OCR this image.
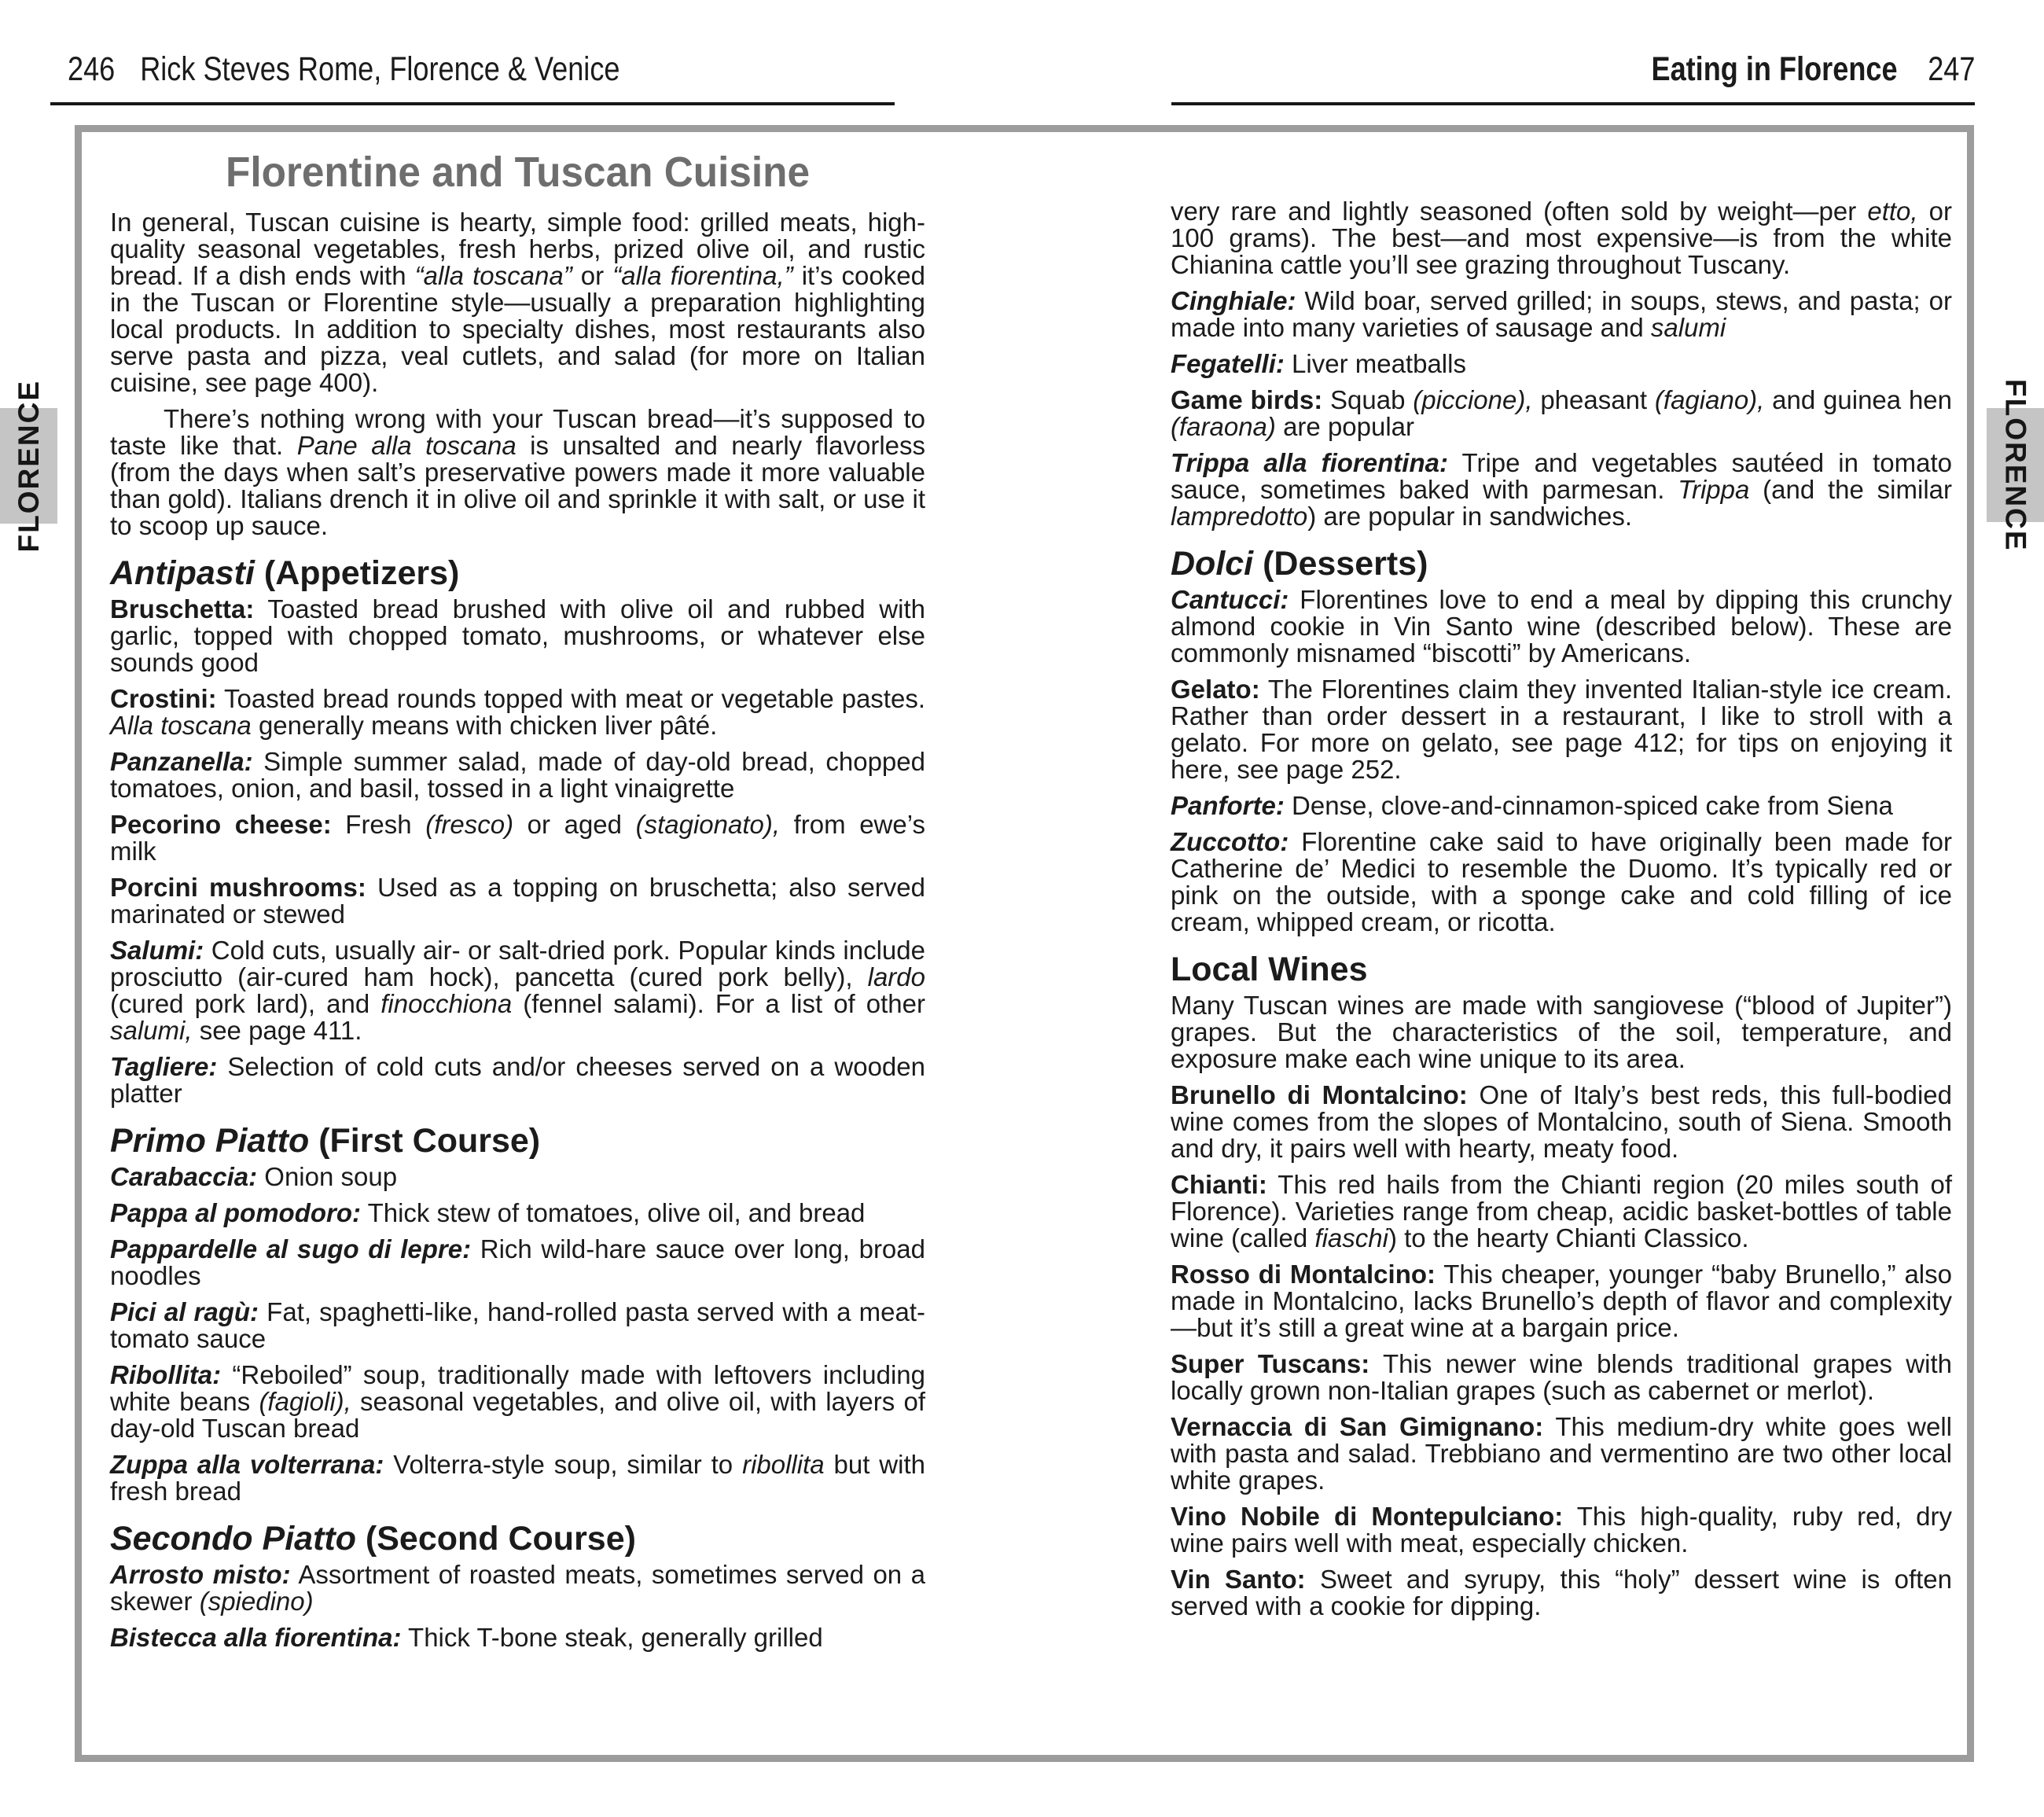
246 Rick Steves Rome, Florence & Venice	Eating in Florence 247
FLORENCE	FLORENCE
Florentine and Tuscan Cuisine
In general, Tuscan cuisine is hearty, simple food: grilled meats, high-quality seasonal vegetables, fresh herbs, prized olive oil, and rustic bread. If a dish ends with “alla toscana” or “alla fiorentina,” it’s cooked in the Tuscan or Florentine style—usually a preparation highlighting local products. In addition to specialty dishes, most restaurants also serve pasta and pizza, veal cutlets, and salad (for more on Italian cuisine, see page 400).
There’s nothing wrong with your Tuscan bread—it’s supposed to taste like that. Pane alla toscana is unsalted and nearly flavorless (from the days when salt’s preservative powers made it more valuable than gold). Italians drench it in olive oil and sprinkle it with salt, or use it to scoop up sauce.
Antipasti (Appetizers)
Bruschetta: Toasted bread brushed with olive oil and rubbed with garlic, topped with chopped tomato, mushrooms, or whatever else sounds good
Crostini: Toasted bread rounds topped with meat or vegetable pastes. Alla toscana generally means with chicken liver pâté.
Panzanella: Simple summer salad, made of day-old bread, chopped tomatoes, onion, and basil, tossed in a light vinaigrette
Pecorino cheese: Fresh (fresco) or aged (stagionato), from ewe’s milk
Porcini mushrooms: Used as a topping on bruschetta; also served marinated or stewed
Salumi: Cold cuts, usually air- or salt-dried pork. Popular kinds include prosciutto (air-cured ham hock), pancetta (cured pork belly), lardo (cured pork lard), and finocchiona (fennel salami). For a list of other salumi, see page 411.
Tagliere: Selection of cold cuts and/or cheeses served on a wooden platter
Primo Piatto (First Course)
Carabaccia: Onion soup
Pappa al pomodoro: Thick stew of tomatoes, olive oil, and bread
Pappardelle al sugo di lepre: Rich wild-hare sauce over long, broad noodles
Pici al ragù: Fat, spaghetti-like, hand-rolled pasta served with a meat-tomato sauce
Ribollita: “Reboiled” soup, traditionally made with leftovers including white beans (fagioli), seasonal vegetables, and olive oil, with layers of day-old Tuscan bread
Zuppa alla volterrana: Volterra-style soup, similar to ribollita but with fresh bread
Secondo Piatto (Second Course)
Arrosto misto: Assortment of roasted meats, sometimes served on a skewer (spiedino)
Bistecca alla fiorentina: Thick T-bone steak, generally grilled
very rare and lightly seasoned (often sold by weight—per etto, or 100 grams). The best—and most expensive—is from the white Chianina cattle you’ll see grazing throughout Tuscany.
Cinghiale: Wild boar, served grilled; in soups, stews, and pasta; or made into many varieties of sausage and salumi
Fegatelli: Liver meatballs
Game birds: Squab (piccione), pheasant (fagiano), and guinea hen (faraona) are popular
Trippa alla fiorentina: Tripe and vegetables sautéed in tomato sauce, sometimes baked with parmesan. Trippa (and the similar lampredotto) are popular in sandwiches.
Dolci (Desserts)
Cantucci: Florentines love to end a meal by dipping this crunchy almond cookie in Vin Santo wine (described below). These are commonly misnamed “biscotti” by Americans.
Gelato: The Florentines claim they invented Italian-style ice cream. Rather than order dessert in a restaurant, I like to stroll with a gelato. For more on gelato, see page 412; for tips on enjoying it here, see page 252.
Panforte: Dense, clove-and-cinnamon-spiced cake from Siena
Zuccotto: Florentine cake said to have originally been made for Catherine de’ Medici to resemble the Duomo. It’s typically red or pink on the outside, with a sponge cake and cold filling of ice cream, whipped cream, or ricotta.
Local Wines
Many Tuscan wines are made with sangiovese (“blood of Jupiter”) grapes. But the characteristics of the soil, temperature, and exposure make each wine unique to its area.
Brunello di Montalcino: One of Italy’s best reds, this full-bodied wine comes from the slopes of Montalcino, south of Siena. Smooth and dry, it pairs well with hearty, meaty food.
Chianti: This red hails from the Chianti region (20 miles south of Florence). Varieties range from cheap, acidic basket-bottles of table wine (called fiaschi) to the hearty Chianti Classico.
Rosso di Montalcino: This cheaper, younger “baby Brunello,” also made in Montalcino, lacks Brunello’s depth of flavor and complexity—but it’s still a great wine at a bargain price.
Super Tuscans: This newer wine blends traditional grapes with locally grown non-Italian grapes (such as cabernet or merlot).
Vernaccia di San Gimignano: This medium-dry white goes well with pasta and salad. Trebbiano and vermentino are two other local white grapes.
Vino Nobile di Montepulciano: This high-quality, ruby red, dry wine pairs well with meat, especially chicken.
Vin Santo: Sweet and syrupy, this “holy” dessert wine is often served with a cookie for dipping.
